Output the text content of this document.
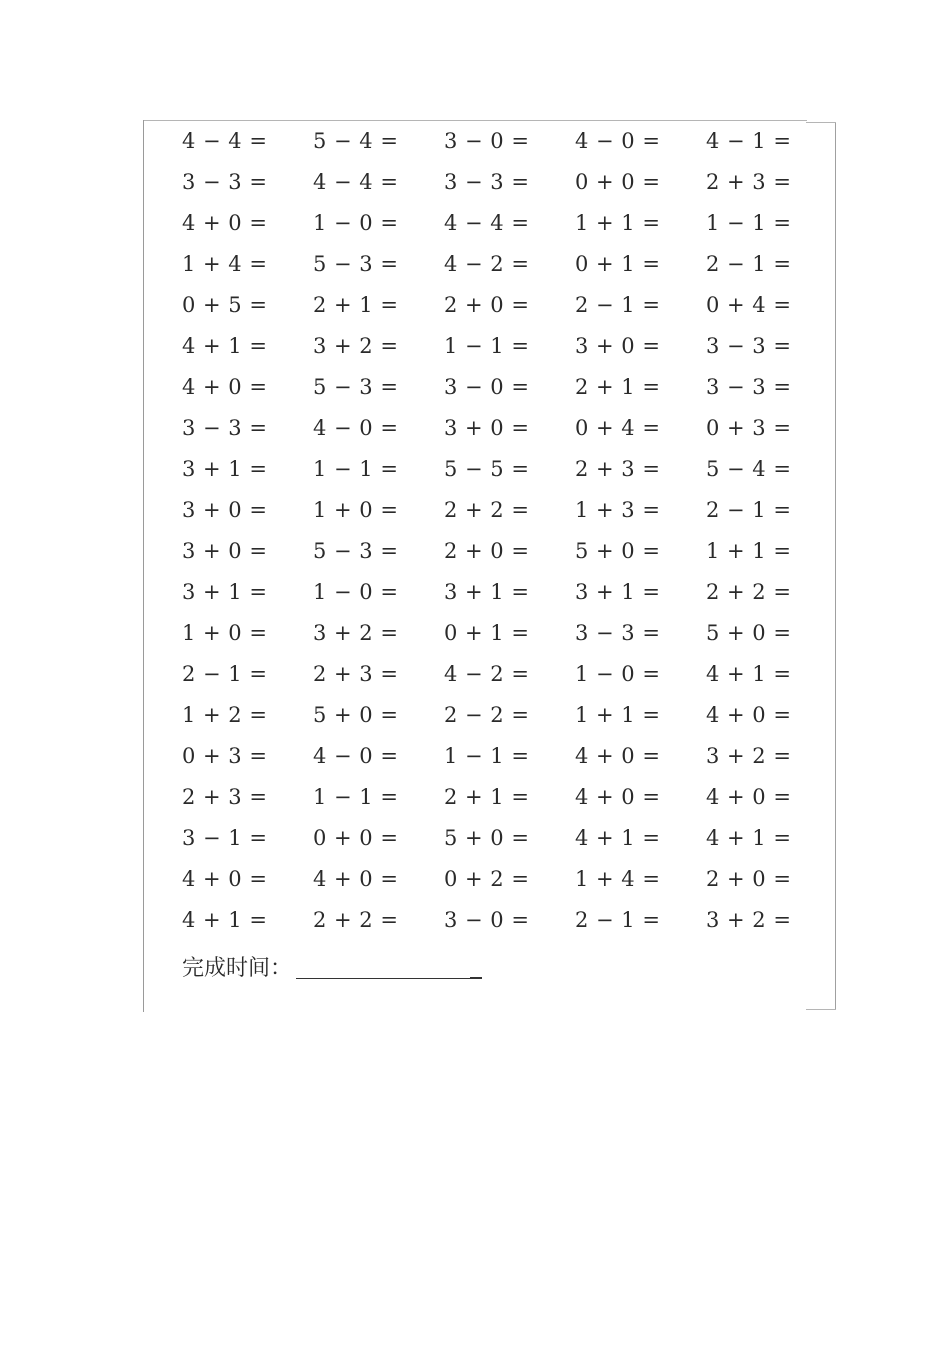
4 − 4 =	5 − 4 =	3 − 0 =	4 − 0 =	4 − 1 =
3 − 3 =	4 − 4 =	3 − 3 =	0 + 0 =	2 + 3 =
4 + 0 =	1 − 0 =	4 − 4 =	1 + 1 =	1 − 1 =
1 + 4 =	5 − 3 =	4 − 2 =	0 + 1 =	2 − 1 =
0 + 5 =	2 + 1 =	2 + 0 =	2 − 1 =	0 + 4 =
4 + 1 =	3 + 2 =	1 − 1 =	3 + 0 =	3 − 3 =
4 + 0 =	5 − 3 =	3 − 0 =	2 + 1 =	3 − 3 =
3 − 3 =	4 − 0 =	3 + 0 =	0 + 4 =	0 + 3 =
3 + 1 =	1 − 1 =	5 − 5 =	2 + 3 =	5 − 4 =
3 + 0 =	1 + 0 =	2 + 2 =	1 + 3 =	2 − 1 =
3 + 0 =	5 − 3 =	2 + 0 =	5 + 0 =	1 + 1 =
3 + 1 =	1 − 0 =	3 + 1 =	3 + 1 =	2 + 2 =
1 + 0 =	3 + 2 =	0 + 1 =	3 − 3 =	5 + 0 =
2 − 1 =	2 + 3 =	4 − 2 =	1 − 0 =	4 + 1 =
1 + 2 =	5 + 0 =	2 − 2 =	1 + 1 =	4 + 0 =
0 + 3 =	4 − 0 =	1 − 1 =	4 + 0 =	3 + 2 =
2 + 3 =	1 − 1 =	2 + 1 =	4 + 0 =	4 + 0 =
3 − 1 =	0 + 0 =	5 + 0 =	4 + 1 =	4 + 1 =
4 + 0 =	4 + 0 =	0 + 2 =	1 + 4 =	2 + 0 =
4 + 1 =	2 + 2 =	3 − 0 =	2 − 1 =	3 + 2 =
完成时间：
